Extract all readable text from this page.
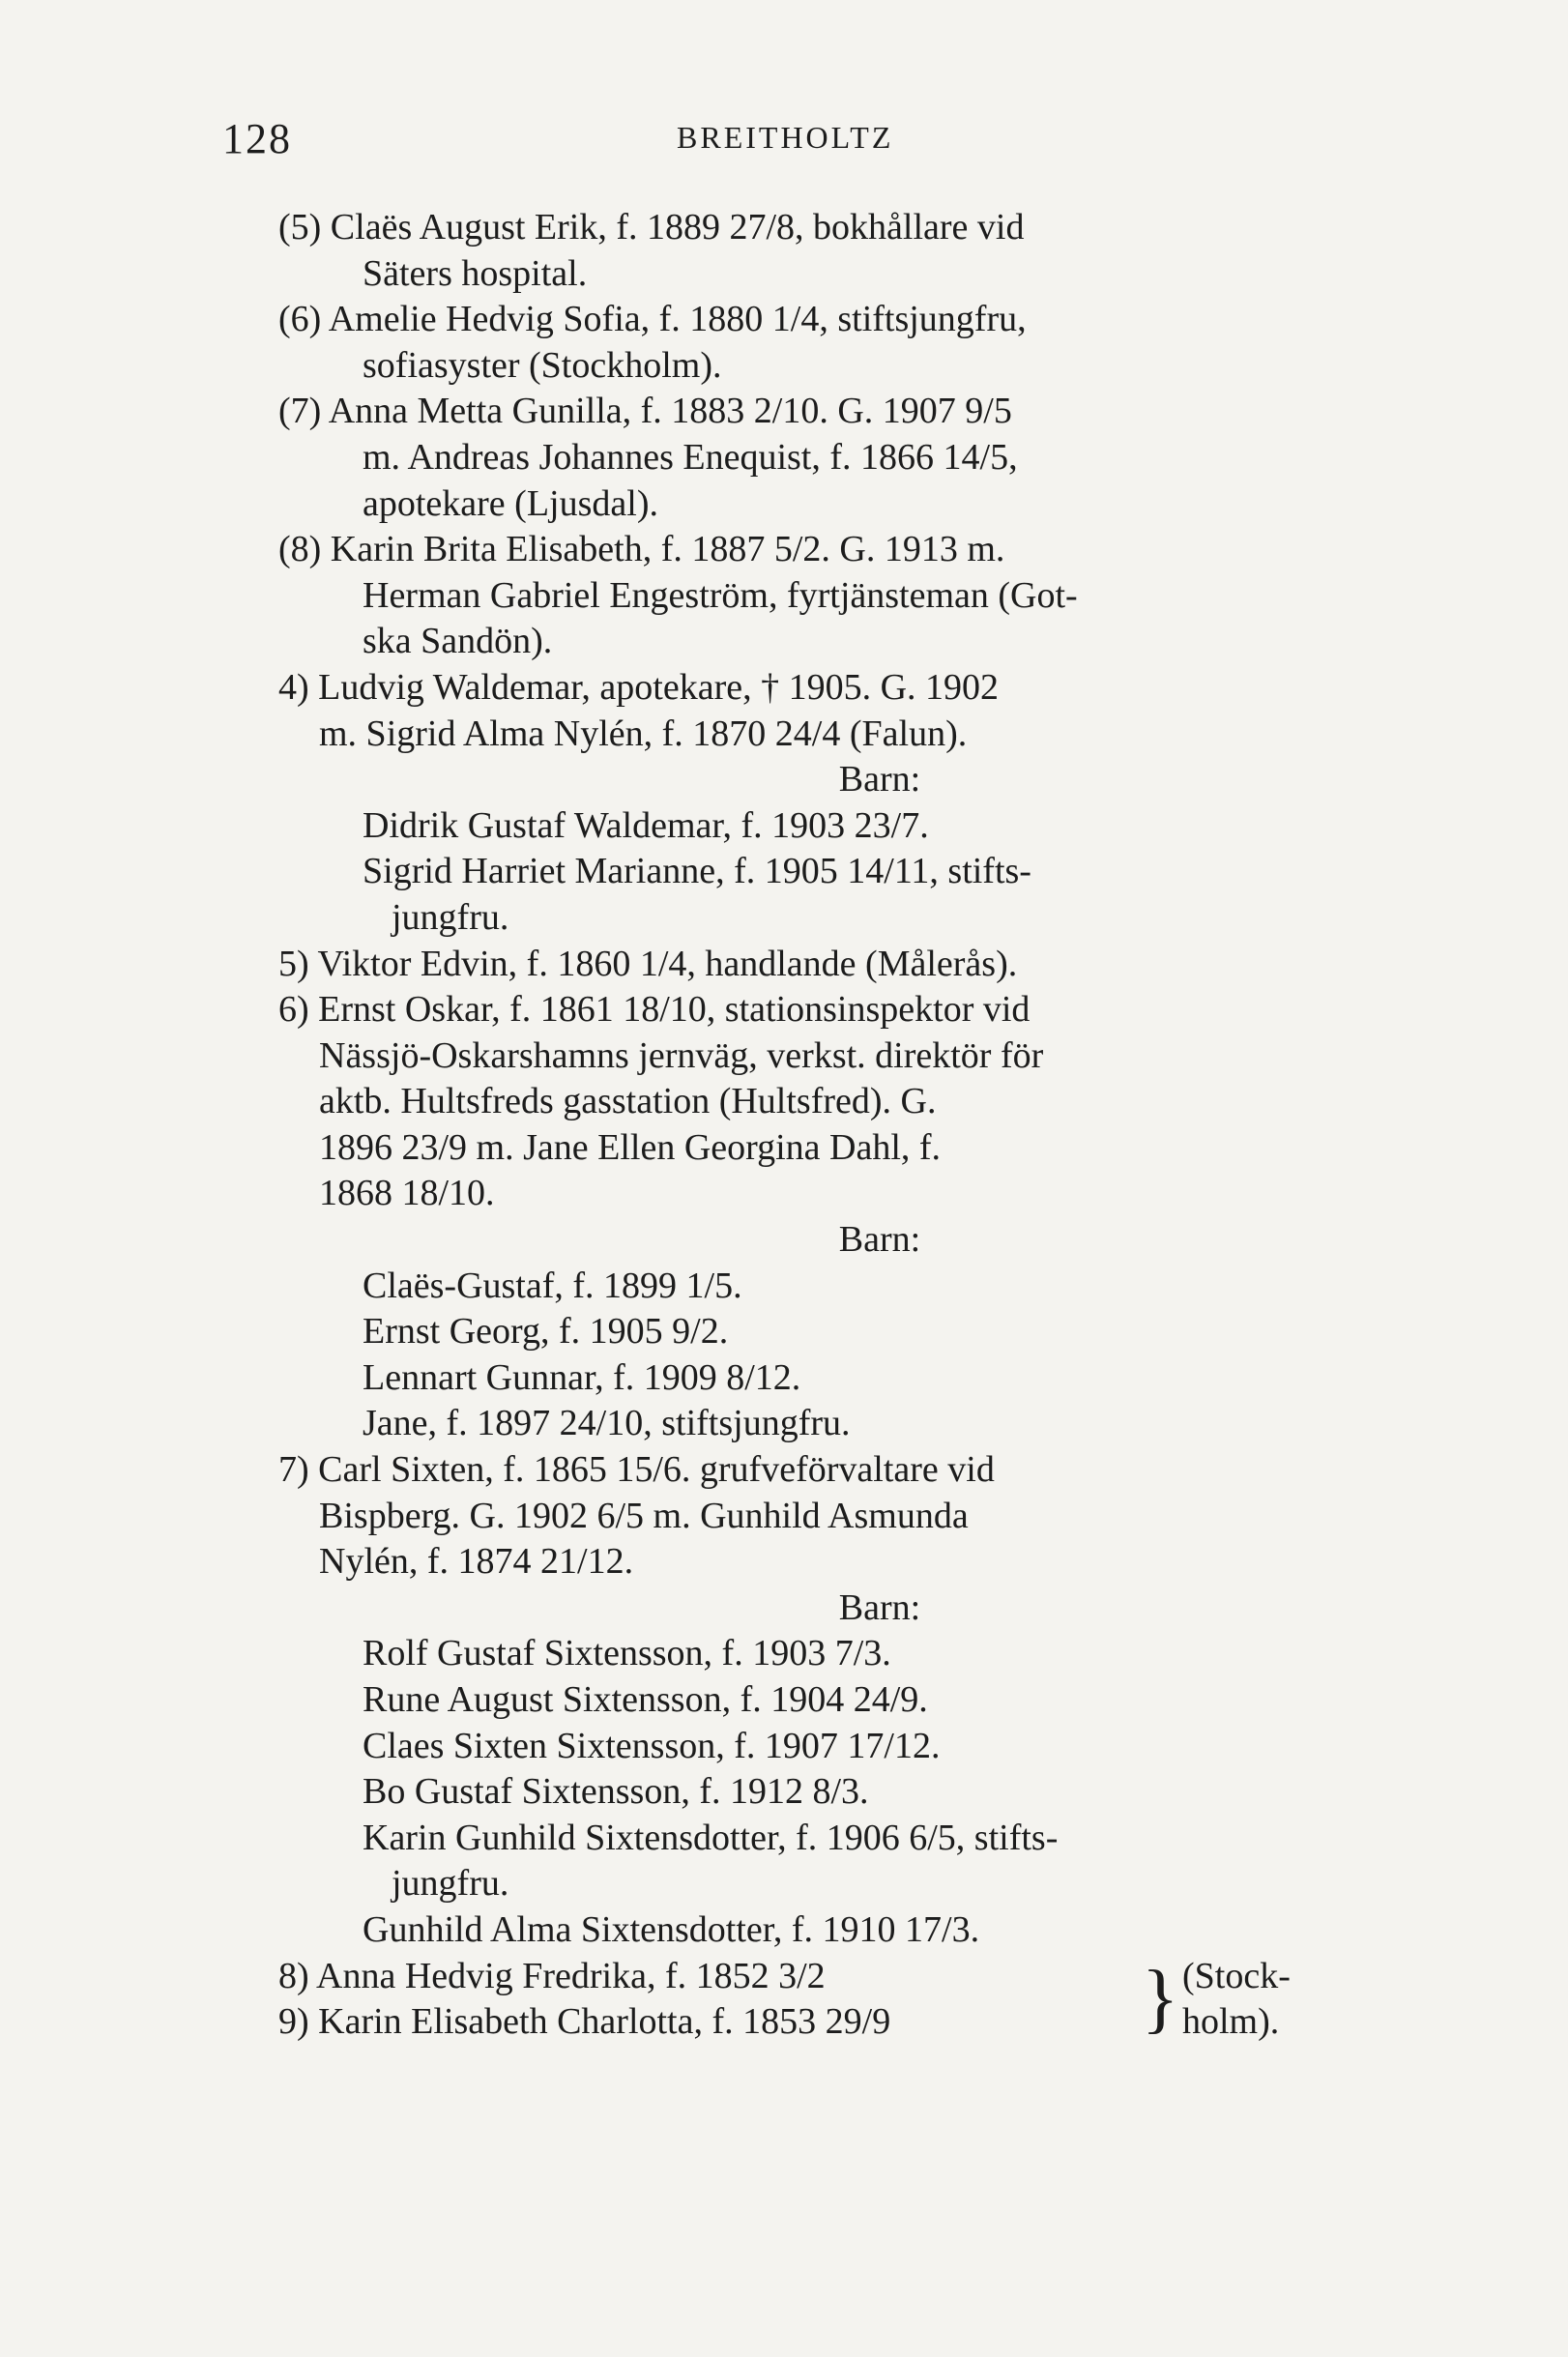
128	BREITHOLTZ
(5) Claës August Erik, f. 1889 27/8, bokhållare vid
Säters hospital.
(6) Amelie Hedvig Sofia, f. 1880 1/4, stiftsjungfru,
sofiasyster (Stockholm).
(7) Anna Metta Gunilla, f. 1883 2/10. G. 1907 9/5
m. Andreas Johannes Enequist, f. 1866 14/5,
apotekare (Ljusdal).
(8) Karin Brita Elisabeth, f. 1887 5/2. G. 1913 m.
Herman Gabriel Engeström, fyrtjänsteman (Got-
ska Sandön).
4) Ludvig Waldemar, apotekare, † 1905. G. 1902
m. Sigrid Alma Nylén, f. 1870 24/4 (Falun).
Barn:
Didrik Gustaf Waldemar, f. 1903 23/7.
Sigrid Harriet Marianne, f. 1905 14/11, stifts-
jungfru.
5) Viktor Edvin, f. 1860 1/4, handlande (Målerås).
6) Ernst Oskar, f. 1861 18/10, stationsinspektor vid
Nässjö-Oskarshamns jernväg, verkst. direktör för
aktb. Hultsfreds gasstation (Hultsfred). G.
1896 23/9 m. Jane Ellen Georgina Dahl, f.
1868 18/10.
Barn:
Claës-Gustaf, f. 1899 1/5.
Ernst Georg, f. 1905 9/2.
Lennart Gunnar, f. 1909 8/12.
Jane, f. 1897 24/10, stiftsjungfru.
7) Carl Sixten, f. 1865 15/6. grufveförvaltare vid
Bispberg. G. 1902 6/5 m. Gunhild Asmunda
Nylén, f. 1874 21/12.
Barn:
Rolf Gustaf Sixtensson, f. 1903 7/3.
Rune August Sixtensson, f. 1904 24/9.
Claes Sixten Sixtensson, f. 1907 17/12.
Bo Gustaf Sixtensson, f. 1912 8/3.
Karin Gunhild Sixtensdotter, f. 1906 6/5, stifts-
jungfru.
Gunhild Alma Sixtensdotter, f. 1910 17/3.
8) Anna Hedvig Fredrika, f. 1852 3/2	} (Stock-
9) Karin Elisabeth Charlotta, f. 1853 29/9	holm).
